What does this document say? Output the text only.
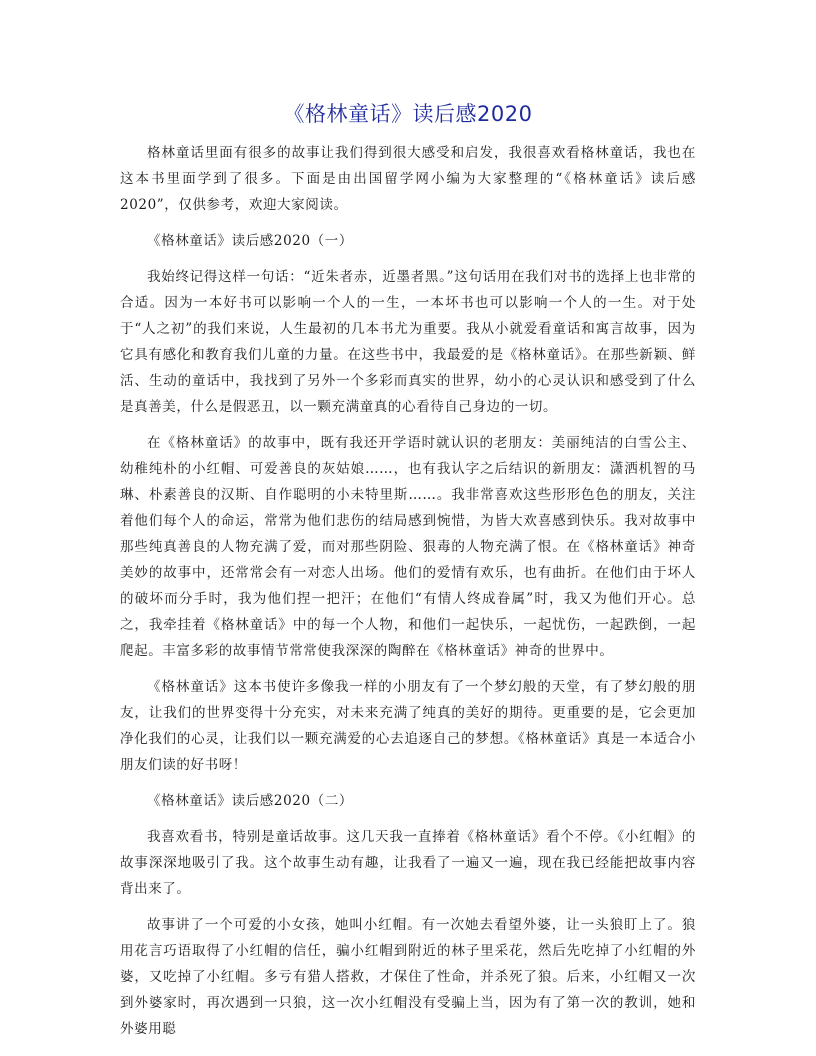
《格林童话》读后感2020

格林童话里面有很多的故事让我们得到很大感受和启发，我很喜欢看格林童话，我也在这本书里面学到了很多。下面是由出国留学网小编为大家整理的“《格林童话》读后感2020”，仅供参考，欢迎大家阅读。

《格林童话》读后感2020（一）

我始终记得这样一句话：“近朱者赤，近墨者黑。”这句话用在我们对书的选择上也非常的合适。因为一本好书可以影响一个人的一生，一本坏书也可以影响一个人的一生。对于处于“人之初”的我们来说，人生最初的几本书尤为重要。我从小就爱看童话和寓言故事，因为它具有感化和教育我们儿童的力量。在这些书中，我最爱的是《格林童话》。在那些新颖、鲜活、生动的童话中，我找到了另外一个多彩而真实的世界，幼小的心灵认识和感受到了什么是真善美，什么是假恶丑，以一颗充满童真的心看待自己身边的一切。

在《格林童话》的故事中，既有我还开学语时就认识的老朋友：美丽纯洁的白雪公主、幼稚纯朴的小红帽、可爱善良的灰姑娘……，也有我认字之后结识的新朋友：潇洒机智的马琳、朴素善良的汉斯、自作聪明的小未特里斯……。我非常喜欢这些形形色色的朋友，关注着他们每个人的命运，常常为他们悲伤的结局感到惋惜，为皆大欢喜感到快乐。我对故事中那些纯真善良的人物充满了爱，而对那些阴险、狠毒的人物充满了恨。在《格林童话》神奇美妙的故事中，还常常会有一对恋人出场。他们的爱情有欢乐，也有曲折。在他们由于坏人的破坏而分手时，我为他们捏一把汗；在他们“有情人终成眷属”时，我又为他们开心。总之，我牵挂着《格林童话》中的每一个人物，和他们一起快乐，一起忧伤，一起跌倒，一起爬起。丰富多彩的故事情节常常使我深深的陶醉在《格林童话》神奇的世界中。

《格林童话》这本书使许多像我一样的小朋友有了一个梦幻般的天堂，有了梦幻般的朋友，让我们的世界变得十分充实，对未来充满了纯真的美好的期待。更重要的是，它会更加净化我们的心灵，让我们以一颗充满爱的心去追逐自己的梦想。《格林童话》真是一本适合小朋友们读的好书呀！

《格林童话》读后感2020（二）

我喜欢看书，特别是童话故事。这几天我一直捧着《格林童话》看个不停。《小红帽》的故事深深地吸引了我。这个故事生动有趣，让我看了一遍又一遍，现在我已经能把故事内容背出来了。

故事讲了一个可爱的小女孩，她叫小红帽。有一次她去看望外婆，让一头狼盯上了。狼用花言巧语取得了小红帽的信任，骗小红帽到附近的林子里采花，然后先吃掉了小红帽的外婆，又吃掉了小红帽。多亏有猎人搭救，才保住了性命，并杀死了狼。后来，小红帽又一次到外婆家时，再次遇到一只狼，这一次小红帽没有受骗上当，因为有了第一次的教训，她和外婆用聪
